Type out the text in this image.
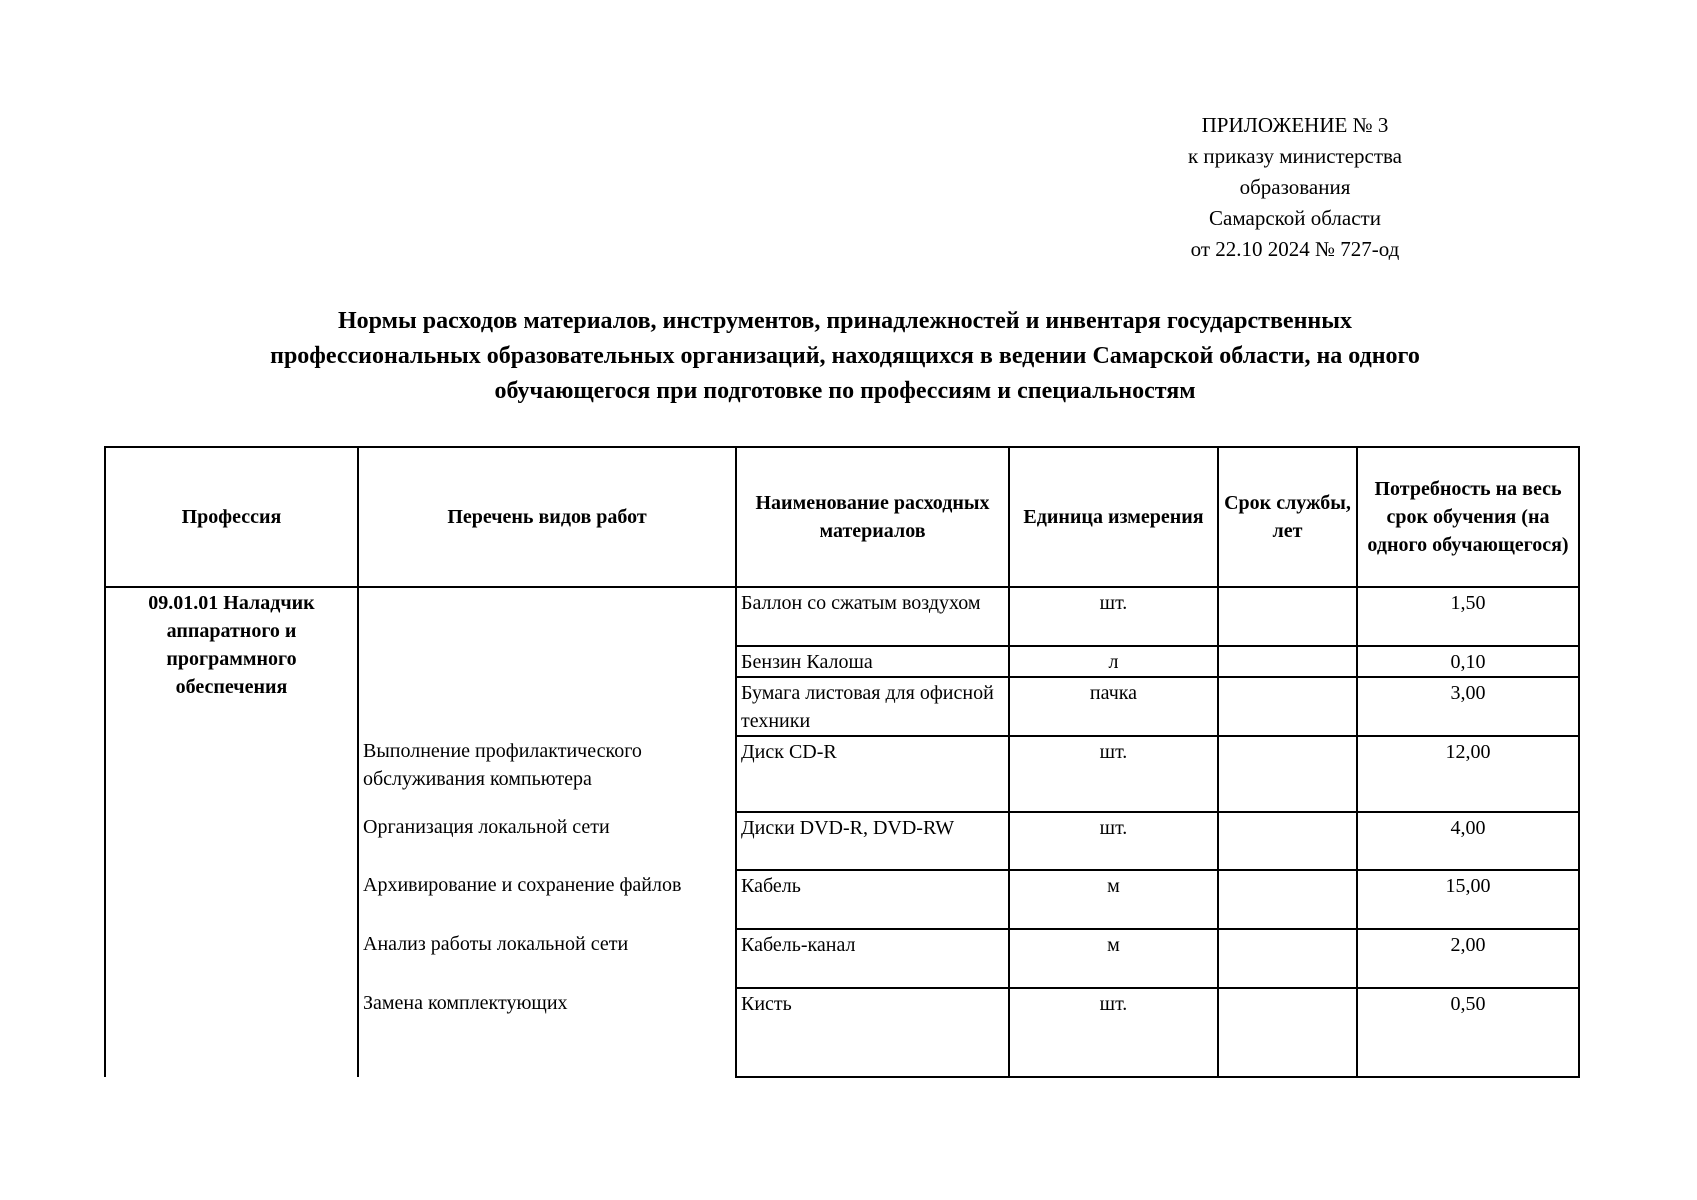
ПРИЛОЖЕНИЕ № 3
к приказу министерства
образования
Самарской области
от 22.10 2024 № 727-од
Нормы расходов материалов, инструментов, принадлежностей и инвентаря государственных
профессиональных образовательных организаций, находящихся в ведении Самарской области, на одного
обучающегося при подготовке по профессиям и специальностям
Профессия	Перечень видов работ	Наименование расходных материалов	Единица измерения	Срок службы, лет	Потребность на весь срок обучения (на одного обучающегося)
09.01.01 Наладчик аппаратного и программного обеспечения		Баллон со сжатым воздухом	шт.		1,50
		Бензин Калоша	л		0,10
		Бумага листовая для офисной техники	пачка		3,00
	Выполнение профилактического обслуживания компьютера	Диск CD-R	шт.		12,00
	Организация локальной сети	Диски DVD-R, DVD-RW	шт.		4,00
	Архивирование и сохранение файлов	Кабель	м		15,00
	Анализ работы локальной сети	Кабель-канал	м		2,00
	Замена комплектующих	Кисть	шт.		0,50
